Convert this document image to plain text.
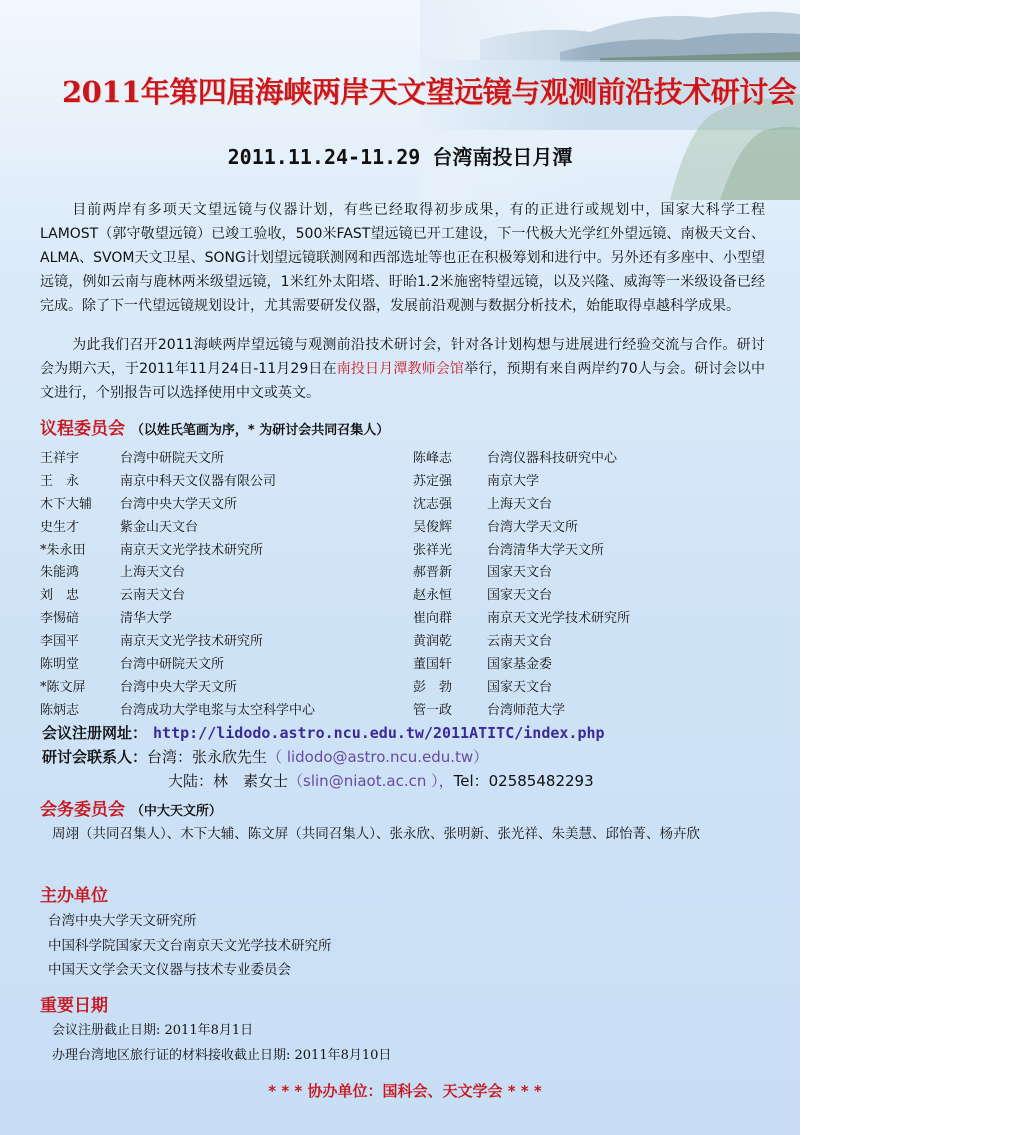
2011年第四届海峡两岸天文望远镜与观测前沿技术研讨会
2011.11.24-11.29 台湾南投日月潭

目前两岸有多项天文望远镜与仪器计划，有些已经取得初步成果，有的正进行或规划中，国家大科学工程LAMOST（郭守敬望远镜）已竣工验收，500米FAST望远镜已开工建设，下一代极大光学红外望远镜、南极天文台、ALMA、SVOM天文卫星、SONG计划望远镜联测网和西部选址等也正在积极筹划和进行中。另外还有多座中、小型望远镜，例如云南与鹿林两米级望远镜，1米红外太阳塔、盱眙1.2米施密特望远镜，以及兴隆、威海等一米级设备已经完成。除了下一代望远镜规划设计，尤其需要研发仪器，发展前沿观测与数据分析技术，始能取得卓越科学成果。

为此我们召开2011海峡两岸望远镜与观测前沿技术研讨会，针对各计划构想与进展进行经验交流与合作。研讨会为期六天，于2011年11月24日-11月29日在南投日月潭教师会馆举行，预期有来自两岸约70人与会。研讨会以中文进行，个别报告可以选择使用中文或英文。

议程委员会 （以姓氏笔画为序，* 为研讨会共同召集人）
王祥宇	台湾中研院天文所	陈峰志	台湾仪器科技研究中心
王　永	南京中科天文仪器有限公司	苏定强	南京大学
木下大辅 台湾中央大学天文所	沈志强	上海天文台
史生才	紫金山天文台	吴俊辉	台湾大学天文所
*朱永田	南京天文光学技术研究所	张祥光	台湾清华大学天文所
朱能鸿	上海天文台	郝晋新	国家天文台
刘　忠	云南天文台	赵永恒	国家天文台
李惕碚	清华大学	崔向群	南京天文光学技术研究所
李国平	南京天文光学技术研究所	黄润乾	云南天文台
陈明堂	台湾中研院天文所	董国轩	国家基金委
*陈文屏	台湾中央大学天文所	彭　勃	国家天文台
陈炳志	台湾成功大学电浆与太空科学中心	管一政	台湾师范大学
会议注册网址： http://lidodo.astro.ncu.edu.tw/2011ATITC/index.php
研讨会联系人：台湾：张永欣先生（ lidodo@astro.ncu.edu.tw）
大陆：林　素女士（slin@niaot.ac.cn ），Tel：02585482293
会务委员会 （中大天文所）
周翊（共同召集人）、木下大辅、陈文屏（共同召集人）、张永欣、张明新、张光祥、朱美慧、邱怡菁、杨卉欣
主办单位
台湾中央大学天文研究所
中国科学院国家天文台南京天文光学技术研究所
中国天文学会天文仪器与技术专业委员会
重要日期
会议注册截止日期: 2011年8月1日
办理台湾地区旅行证的材料接收截止日期: 2011年8月10日
* * * 协办单位：国科会、天文学会 * * *
